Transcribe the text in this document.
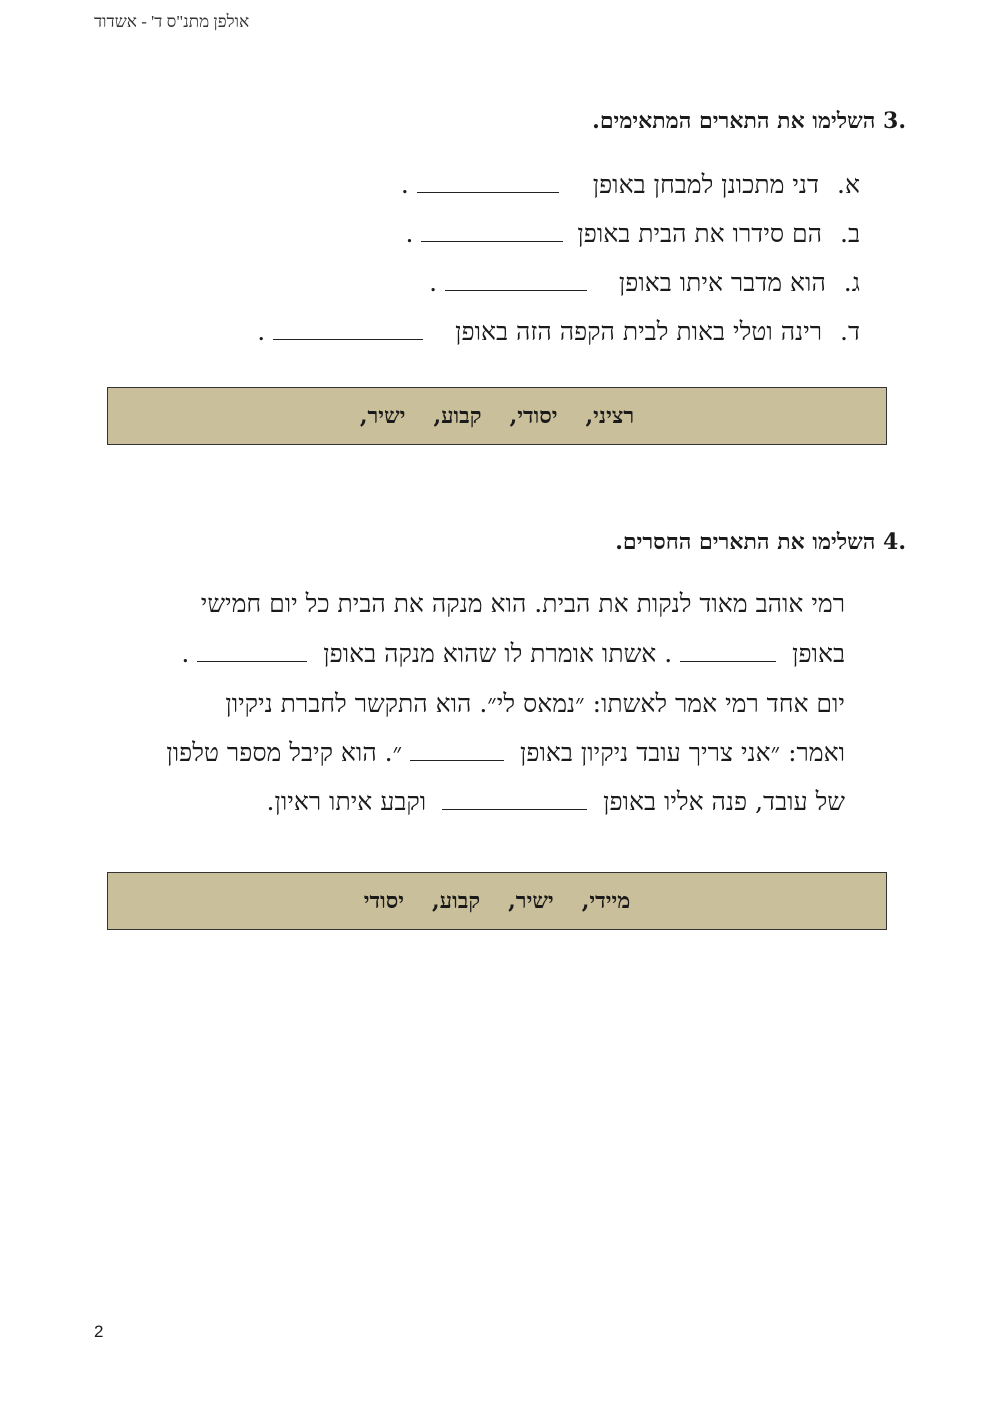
אולפן מתנ"ס ד' - אשדוד
.3 השלימו את התארים המתאימים.
א. דני מתכונן למבחן באופן  .
ב. הם סידרו את הבית באופן  .
ג. הוא מדבר איתו באופן  .
ד. רינה וטלי באות לבית הקפה הזה באופן  .
רציני,
יסודי,
קבוע,
ישיר,
.4 השלימו את התארים החסרים.
רמי אוהב מאוד לנקות את הבית. הוא מנקה את הבית כל יום חמישי
באופן  . אשתו אומרת לו שהוא מנקה באופן  .
יום אחד רמי אמר לאשתו: ״נמאס לי״. הוא התקשר לחברת ניקיון
ואמר: ״אני צריך עובד ניקיון באופן  ״. הוא קיבל מספר טלפון
של עובד, פנה אליו באופן  וקבע איתו ראיון.
מיידי,
ישיר,
קבוע,
יסודי
2
